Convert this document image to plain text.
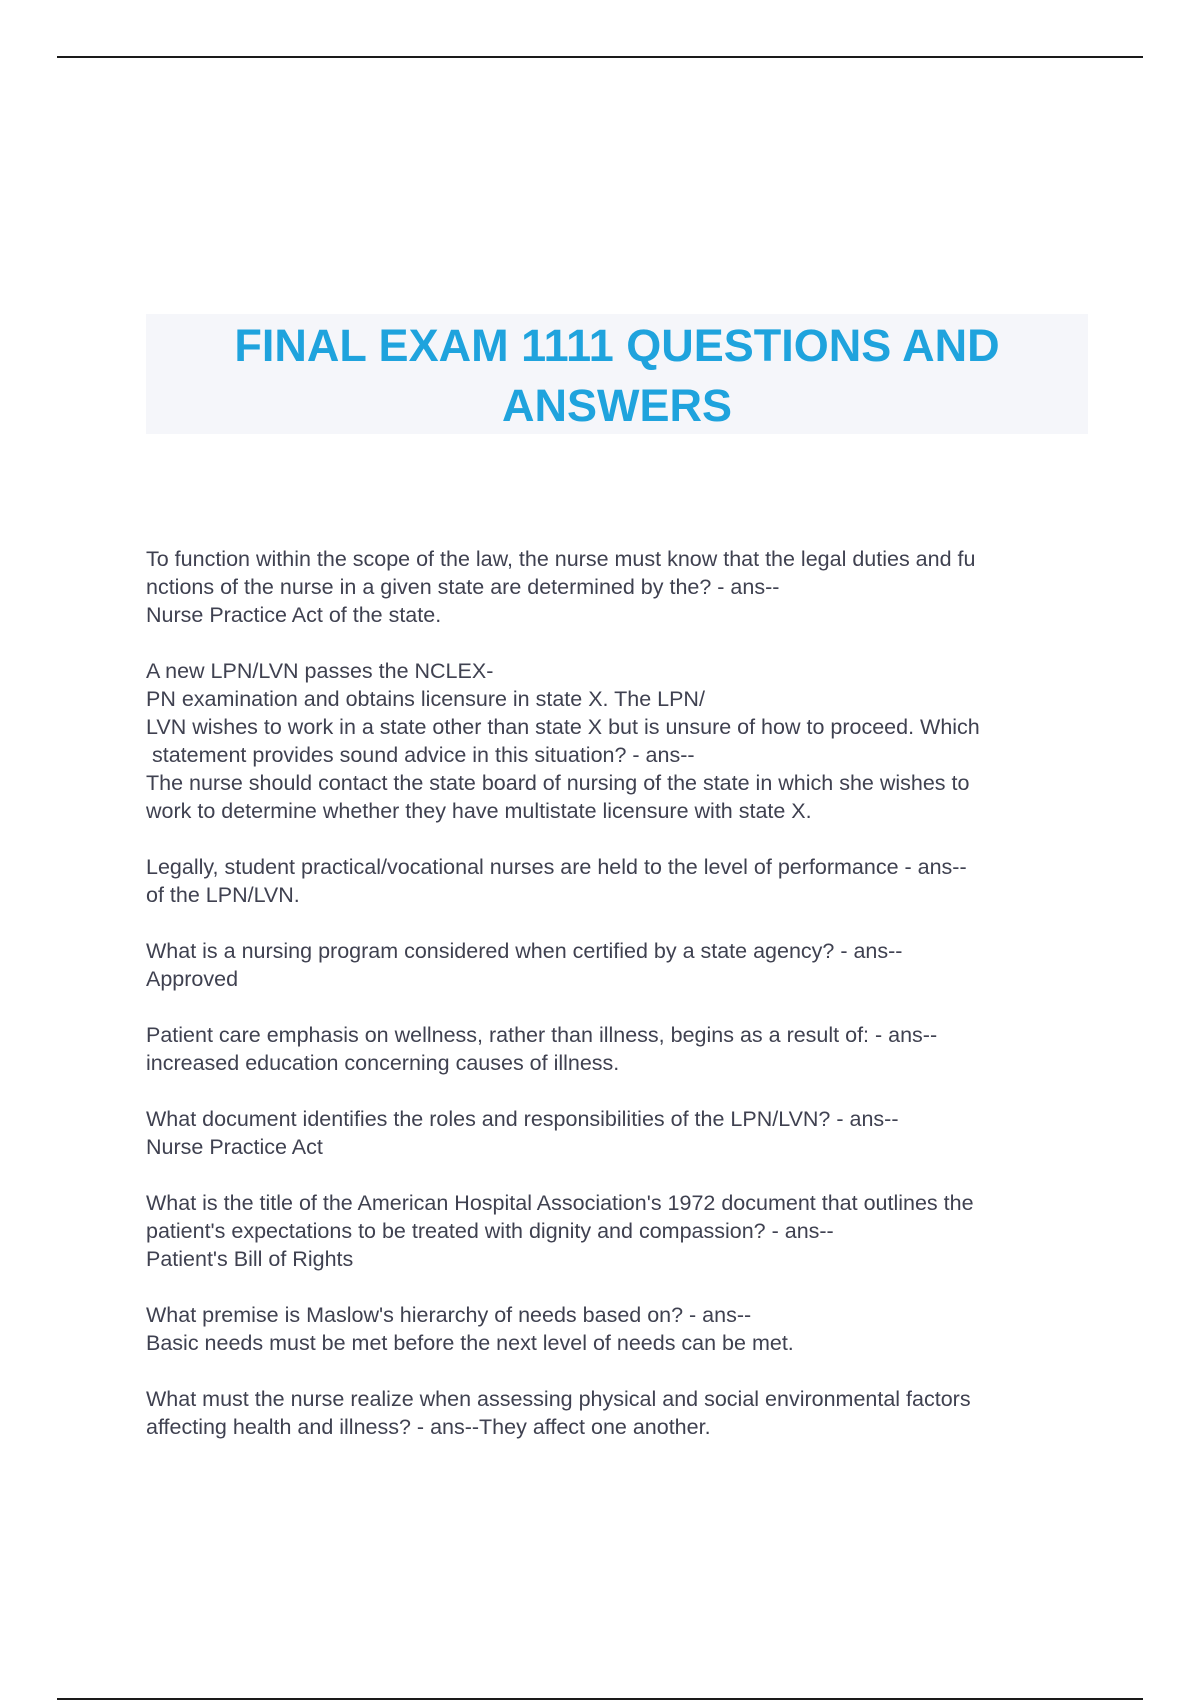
FINAL EXAM 1111 QUESTIONS AND
ANSWERS
To function within the scope of the law, the nurse must know that the legal duties and fu
nctions of the nurse in a given state are determined by the? - ans--
Nurse Practice Act of the state.
A new LPN/LVN passes the NCLEX-
PN examination and obtains licensure in state X. The LPN/
LVN wishes to work in a state other than state X but is unsure of how to proceed. Which
statement provides sound advice in this situation? - ans--
The nurse should contact the state board of nursing of the state in which she wishes to
work to determine whether they have multistate licensure with state X.
Legally, student practical/vocational nurses are held to the level of performance - ans--
of the LPN/LVN.
What is a nursing program considered when certified by a state agency? - ans--
Approved
Patient care emphasis on wellness, rather than illness, begins as a result of: - ans--
increased education concerning causes of illness.
What document identifies the roles and responsibilities of the LPN/LVN? - ans--
Nurse Practice Act
What is the title of the American Hospital Association's 1972 document that outlines the
patient's expectations to be treated with dignity and compassion? - ans--
Patient's Bill of Rights
What premise is Maslow's hierarchy of needs based on? - ans--
Basic needs must be met before the next level of needs can be met.
What must the nurse realize when assessing physical and social environmental factors
affecting health and illness? - ans--They affect one another.
